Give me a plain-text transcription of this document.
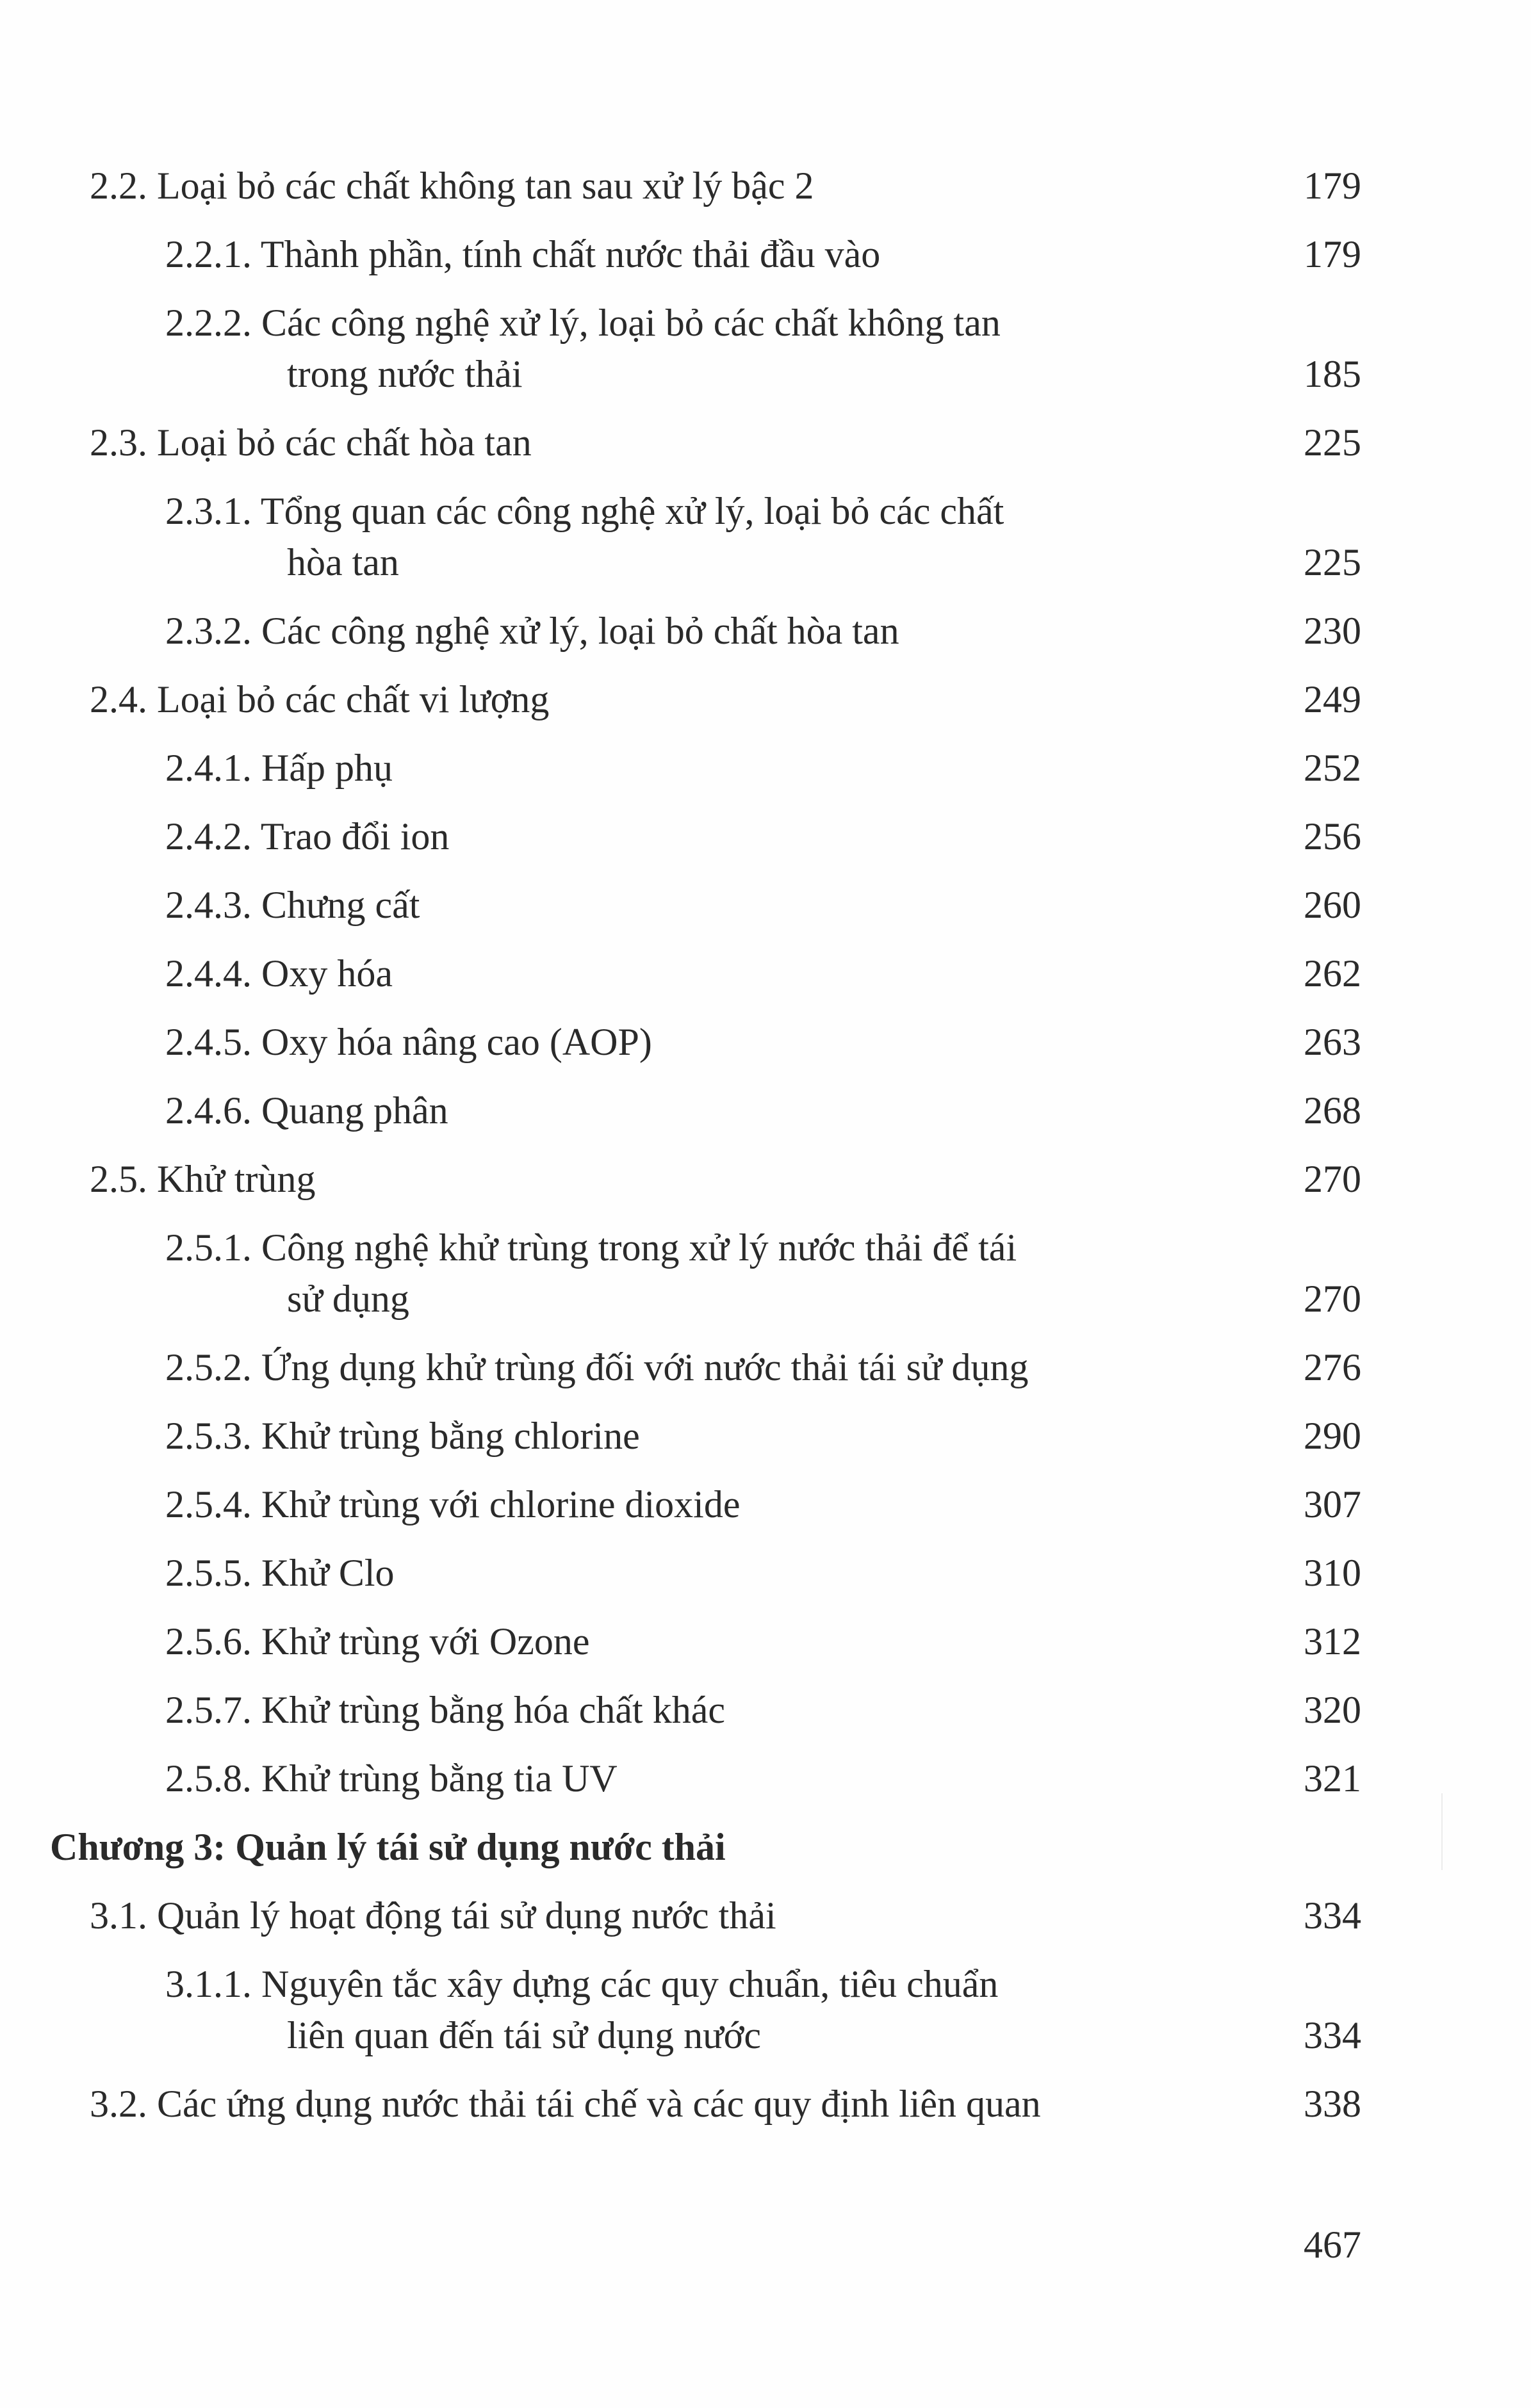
2.2. Loại bỏ các chất không tan sau xử lý bậc 2	179
2.2.1. Thành phần, tính chất nước thải đầu vào	179
2.2.2. Các công nghệ xử lý, loại bỏ các chất không tan
trong nước thải	185
2.3. Loại bỏ các chất hòa tan	225
2.3.1. Tổng quan các công nghệ xử lý, loại bỏ các chất
hòa tan	225
2.3.2. Các công nghệ xử lý, loại bỏ chất hòa tan	230
2.4. Loại bỏ các chất vi lượng	249
2.4.1. Hấp phụ	252
2.4.2. Trao đổi ion	256
2.4.3. Chưng cất	260
2.4.4. Oxy hóa	262
2.4.5. Oxy hóa nâng cao (AOP)	263
2.4.6. Quang phân	268
2.5. Khử trùng	270
2.5.1. Công nghệ khử trùng trong xử lý nước thải để tái
sử dụng	270
2.5.2. Ứng dụng khử trùng đối với nước thải tái sử dụng	276
2.5.3. Khử trùng bằng chlorine	290
2.5.4. Khử trùng với chlorine dioxide	307
2.5.5. Khử Clo	310
2.5.6. Khử trùng với Ozone	312
2.5.7. Khử trùng bằng hóa chất khác	320
2.5.8. Khử trùng bằng tia UV	321
Chương 3: Quản lý tái sử dụng nước thải
3.1. Quản lý hoạt động tái sử dụng nước thải	334
3.1.1. Nguyên tắc xây dựng các quy chuẩn, tiêu chuẩn
liên quan đến tái sử dụng nước	334
3.2. Các ứng dụng nước thải tái chế và các quy định liên quan	338
467
